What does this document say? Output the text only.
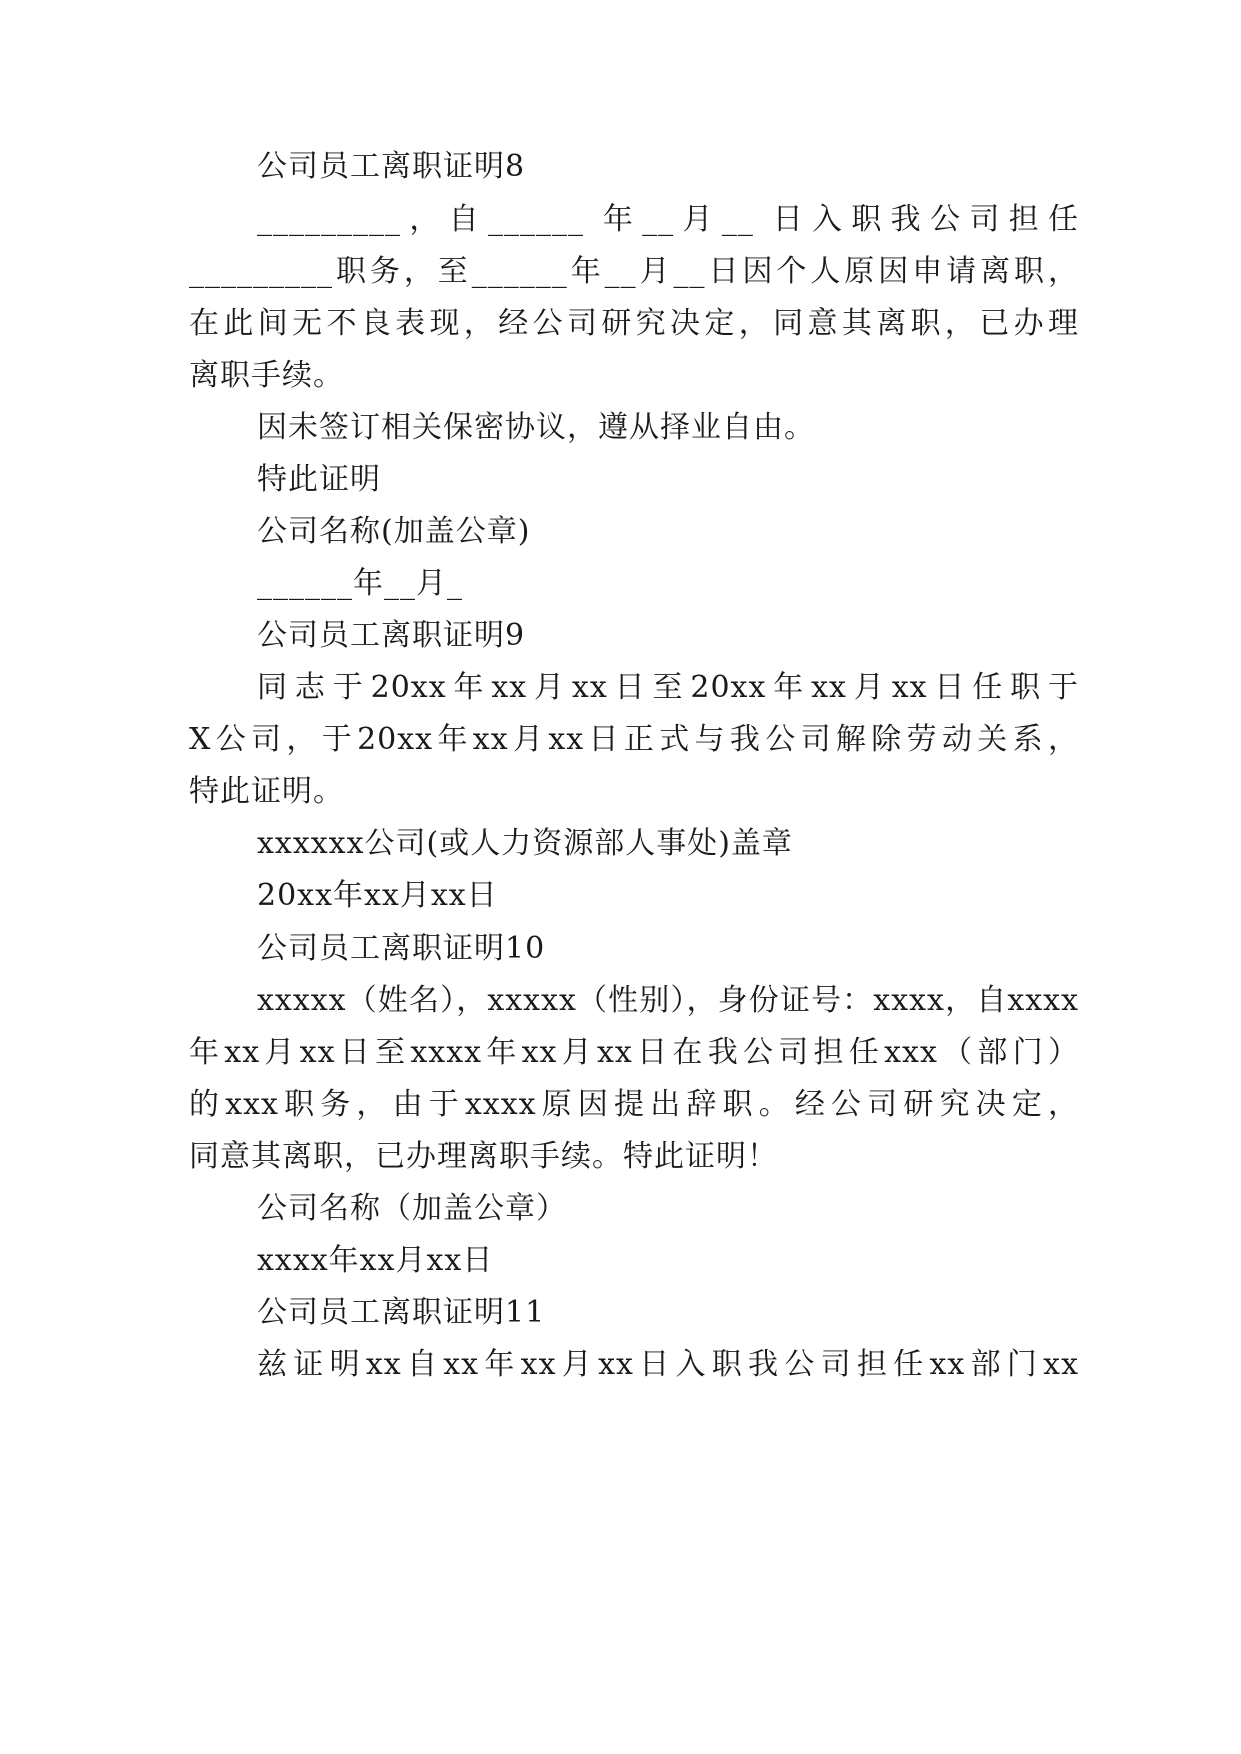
公司员工离职证明8
_________，自______ 年__月__ 日入职我公司担任
_________职务，至______年__月__日因个人原因申请离职，
在此间无不良表现，经公司研究决定，同意其离职，已办理
离职手续。
因未签订相关保密协议，遵从择业自由。
特此证明
公司名称(加盖公章)
______年__月_
公司员工离职证明9
同志于20xx年xx月xx日至20xx年xx月xx日任职于
X公司，于20xx年xx月xx日正式与我公司解除劳动关系，
特此证明。
xxxxxx公司(或人力资源部人事处)盖章
20xx年xx月xx日
公司员工离职证明10
xxxxx（姓名），xxxxx（性别），身份证号：xxxx，自xxxx
年xx月xx日至xxxx年xx月xx日在我公司担任xxx（部门）
的xxx职务，由于xxxx原因提出辞职。经公司研究决定，
同意其离职，已办理离职手续。特此证明！
公司名称（加盖公章）
xxxx年xx月xx日
公司员工离职证明11
兹证明xx自xx年xx月xx日入职我公司担任xx部门xx
